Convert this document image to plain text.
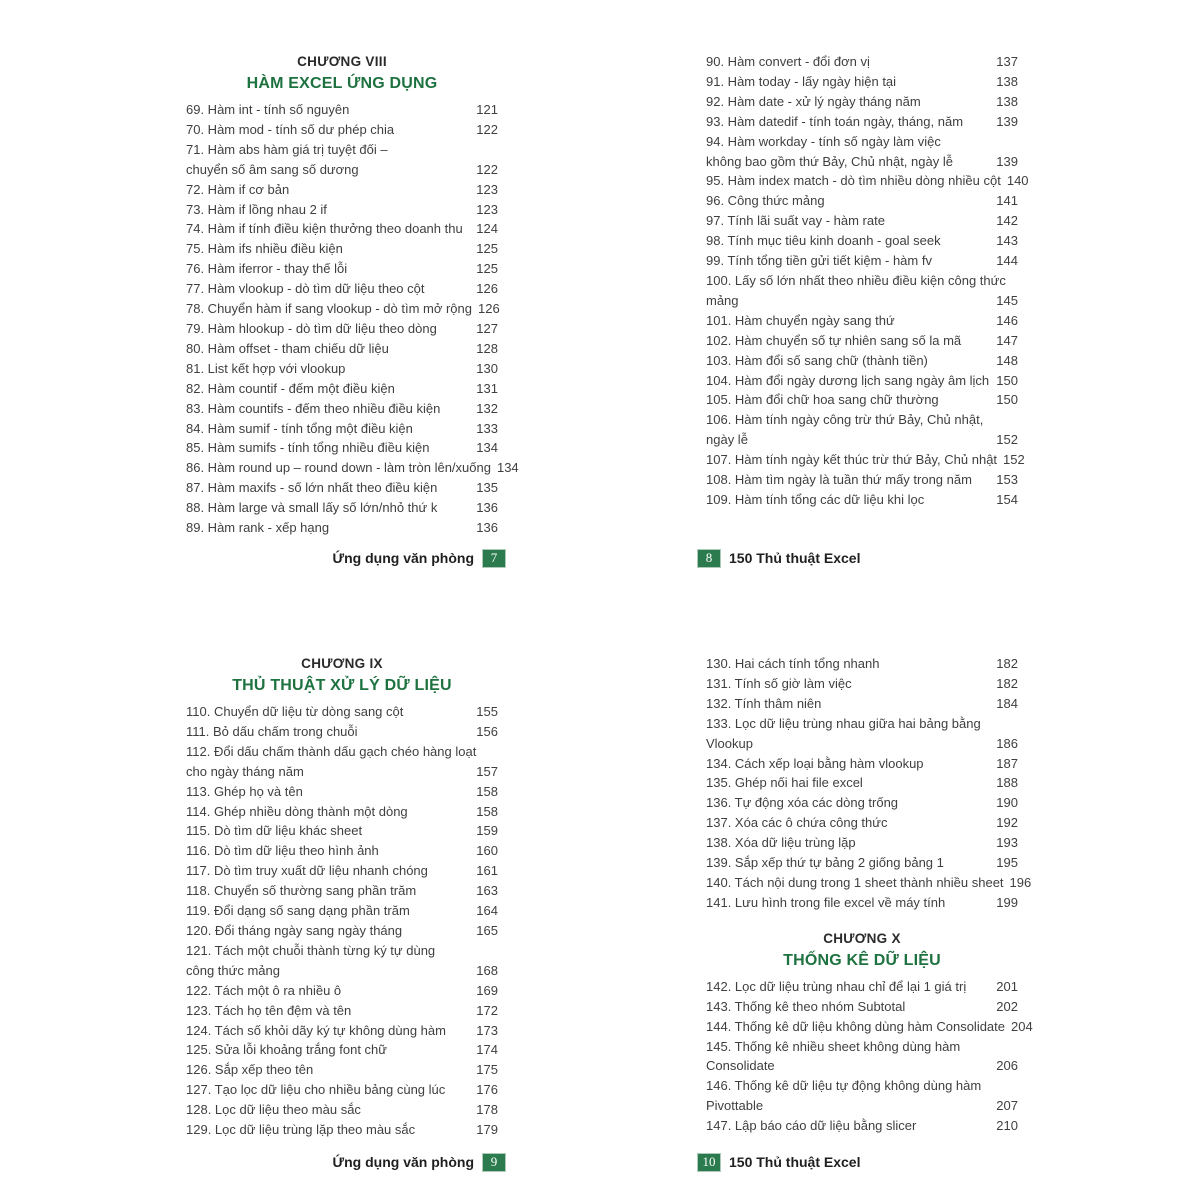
CHƯƠNG VIII
HÀM EXCEL ỨNG DỤNG
69. Hàm int - tính số nguyên	121
70. Hàm mod - tính số dư phép chia	122
71. Hàm abs hàm giá trị tuyệt đối –
chuyển số âm sang số dương	122
72. Hàm if cơ bản	123
73. Hàm if lồng nhau 2 if	123
74. Hàm if tính điều kiện thưởng theo doanh thu 124
75. Hàm ifs nhiều điều kiện	125
76. Hàm iferror - thay thế lỗi	125
77. Hàm vlookup - dò tìm dữ liệu theo cột	126
78. Chuyển hàm if sang vlookup - dò tìm mở rộng 126
79. Hàm hlookup - dò tìm dữ liệu theo dòng	127
80. Hàm offset - tham chiếu dữ liệu	128
81. List kết hợp với vlookup	130
82. Hàm countif - đếm một điều kiện	131
83. Hàm countifs - đếm theo nhiều điều kiện	132
84. Hàm sumif - tính tổng một điều kiện	133
85. Hàm sumifs - tính tổng nhiều điều kiện	134
86. Hàm round up – round down - làm tròn lên/xuống 134
87. Hàm maxifs - số lớn nhất theo điều kiện	135
88. Hàm large và small lấy số lớn/nhỏ thứ k	136
89. Hàm rank - xếp hạng	136
90. Hàm convert - đổi đơn vị	137
91. Hàm today - lấy ngày hiện tại	138
92. Hàm date - xử lý ngày tháng năm	138
93. Hàm datedif - tính toán ngày, tháng, năm	139
94. Hàm workday - tính số ngày làm việc
không bao gồm thứ Bảy, Chủ nhật, ngày lễ	139
95. Hàm index match - dò tìm nhiều dòng nhiều cột 140
96. Công thức mảng	141
97. Tính lãi suất vay - hàm rate	142
98. Tính mục tiêu kinh doanh - goal seek	143
99. Tính tổng tiền gửi tiết kiệm - hàm fv	144
100. Lấy số lớn nhất theo nhiều điều kiện công thức
mảng	145
101. Hàm chuyển ngày sang thứ	146
102. Hàm chuyển số tự nhiên sang số la mã	147
103. Hàm đổi số sang chữ (thành tiền)	148
104. Hàm đổi ngày dương lịch sang ngày âm lịch 150
105. Hàm đổi chữ hoa sang chữ thường	150
106. Hàm tính ngày công trừ thứ Bảy, Chủ nhật,
ngày lễ	152
107. Hàm tính ngày kết thúc trừ thứ Bảy, Chủ nhật 152
108. Hàm tìm ngày là tuần thứ mấy trong năm 153
109. Hàm tính tổng các dữ liệu khi lọc	154
CHƯƠNG IX
THỦ THUẬT XỬ LÝ DỮ LIỆU
110. Chuyển dữ liệu từ dòng sang cột	155
111. Bỏ dấu chấm trong chuỗi	156
112. Đổi dấu chấm thành dấu gạch chéo hàng loạt
cho ngày tháng năm	157
113. Ghép họ và tên	158
114. Ghép nhiều dòng thành một dòng	158
115. Dò tìm dữ liệu khác sheet	159
116. Dò tìm dữ liệu theo hình ảnh	160
117. Dò tìm truy xuất dữ liệu nhanh chóng	161
118. Chuyển số thường sang phần trăm	163
119. Đổi dạng số sang dạng phần trăm	164
120. Đổi tháng ngày sang ngày tháng	165
121. Tách một chuỗi thành từng ký tự dùng
công thức mảng	168
122. Tách một ô ra nhiều ô	169
123. Tách họ tên đệm và tên	172
124. Tách số khỏi dãy ký tự không dùng hàm 173
125. Sửa lỗi khoảng trắng font chữ	174
126. Sắp xếp theo tên	175
127. Tạo lọc dữ liệu cho nhiều bảng cùng lúc 176
128. Lọc dữ liệu theo màu sắc	178
129. Lọc dữ liệu trùng lặp theo màu sắc	179
130. Hai cách tính tổng nhanh	182
131. Tính số giờ làm việc	182
132. Tính thâm niên	184
133. Lọc dữ liệu trùng nhau giữa hai bảng bằng
Vlookup	186
134. Cách xếp loại bằng hàm vlookup	187
135. Ghép nối hai file excel	188
136. Tự động xóa các dòng trống	190
137. Xóa các ô chứa công thức	192
138. Xóa dữ liệu trùng lặp	193
139. Sắp xếp thứ tự bảng 2 giống bảng 1	195
140. Tách nội dung trong 1 sheet thành nhiều sheet 196
141. Lưu hình trong file excel về máy tính	199
CHƯƠNG X
THỐNG KÊ DỮ LIỆU
142. Lọc dữ liệu trùng nhau chỉ để lại 1 giá trị 201
143. Thống kê theo nhóm Subtotal	202
144. Thống kê dữ liệu không dùng hàm Consolidate 204
145. Thống kê nhiều sheet không dùng hàm
Consolidate	206
146. Thống kê dữ liệu tự động không dùng hàm
Pivottable	207
147. Lập báo cáo dữ liệu bằng slicer	210
Ứng dụng văn phòng	7	8	150 Thủ thuật Excel
Ứng dụng văn phòng	9	10 150 Thủ thuật Excel
